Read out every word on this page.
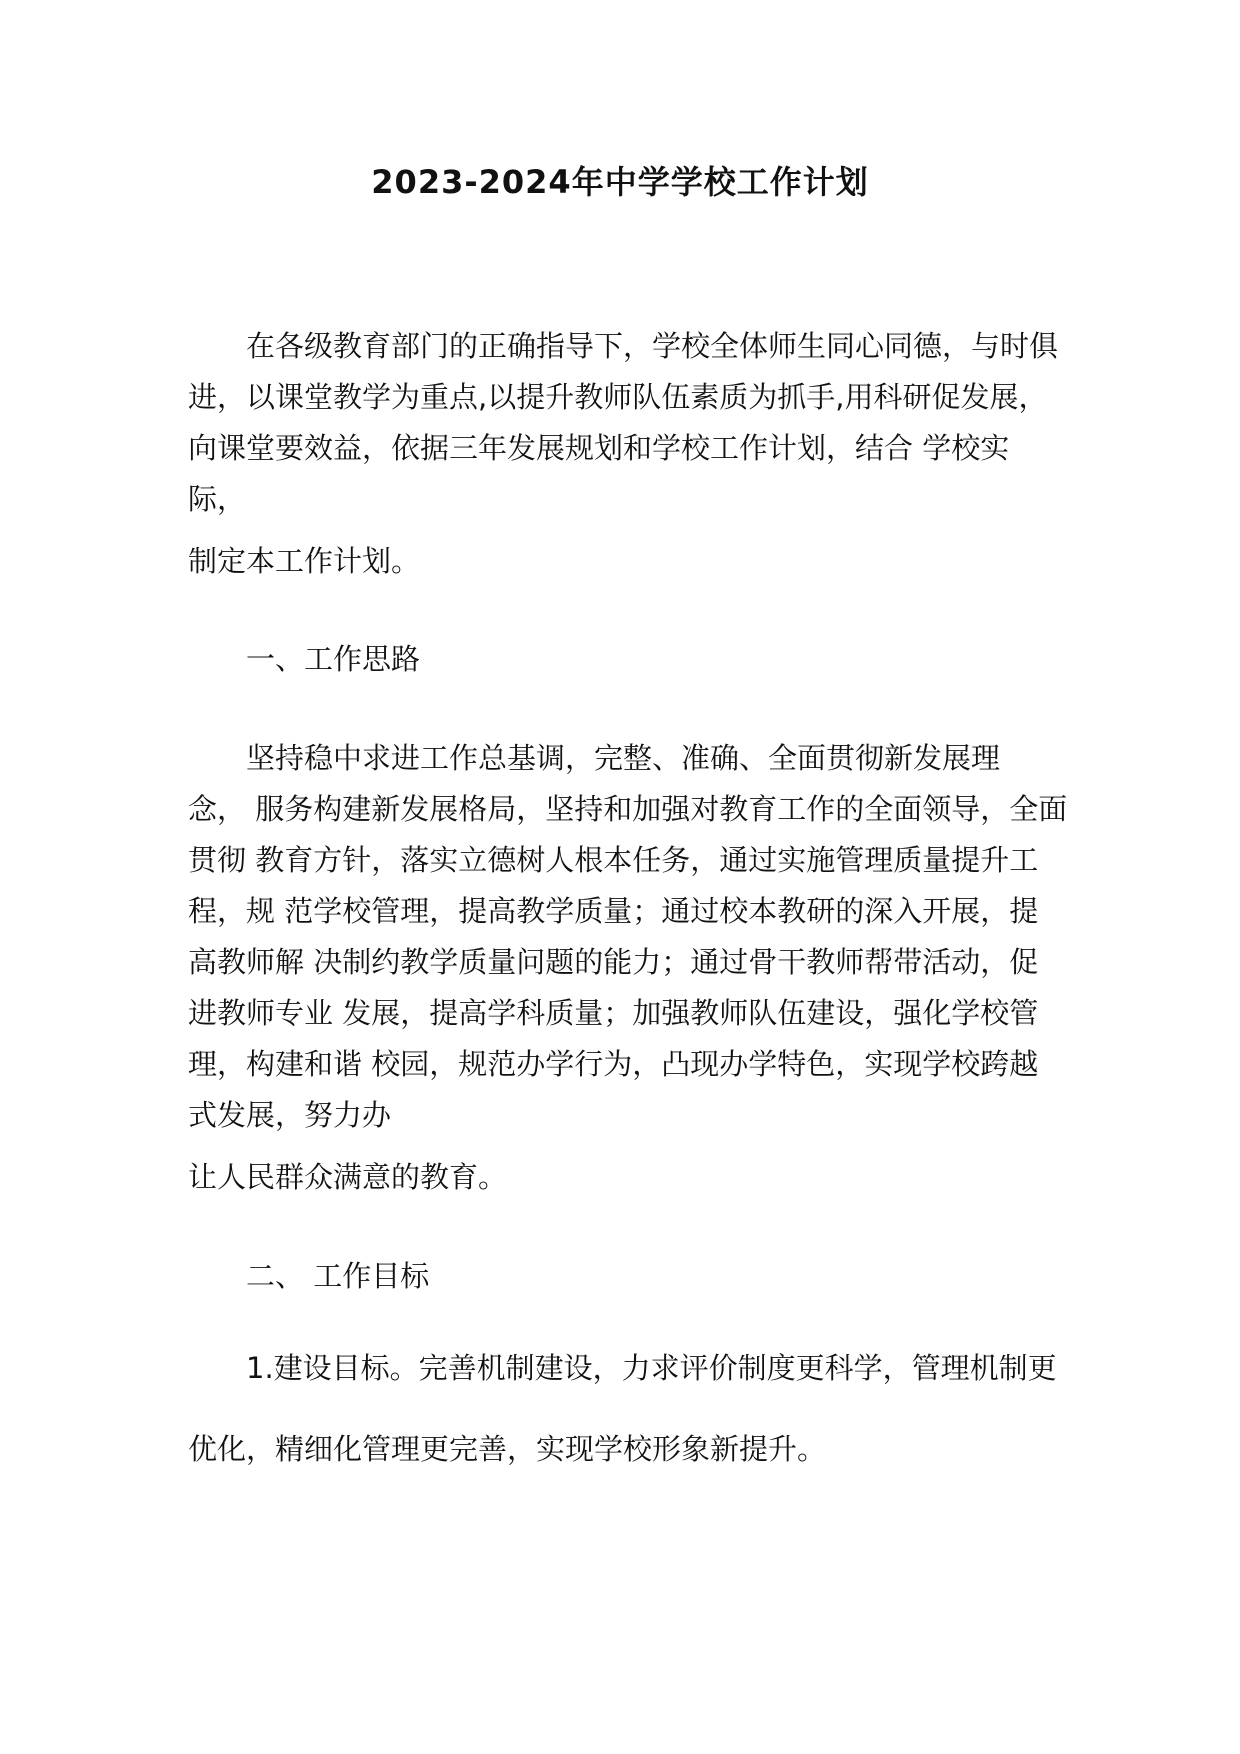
2023-2024年中学学校工作计划
在各级教育部门的正确指导下，学校全体师生同心同德，与时俱
进，以课堂教学为重点,以提升教师队伍素质为抓手,用科研促发展，
向课堂要效益，依据三年发展规划和学校工作计划，结合 学校实
际，
制定本工作计划。
一、工作思路
坚持稳中求进工作总基调，完整、准确、全面贯彻新发展理
念， 服务构建新发展格局，坚持和加强对教育工作的全面领导，全面
贯彻 教育方针，落实立德树人根本任务，通过实施管理质量提升工
程，规 范学校管理，提高教学质量；通过校本教研的深入开展，提
高教师解 决制约教学质量问题的能力；通过骨干教师帮带活动，促
进教师专业 发展，提高学科质量；加强教师队伍建设，强化学校管
理，构建和谐 校园，规范办学行为，凸现办学特色，实现学校跨越
式发展，努力办
让人民群众满意的教育。
二、 工作目标
1.建设目标。完善机制建设，力求评价制度更科学，管理机制更
优化，精细化管理更完善，实现学校形象新提升。
